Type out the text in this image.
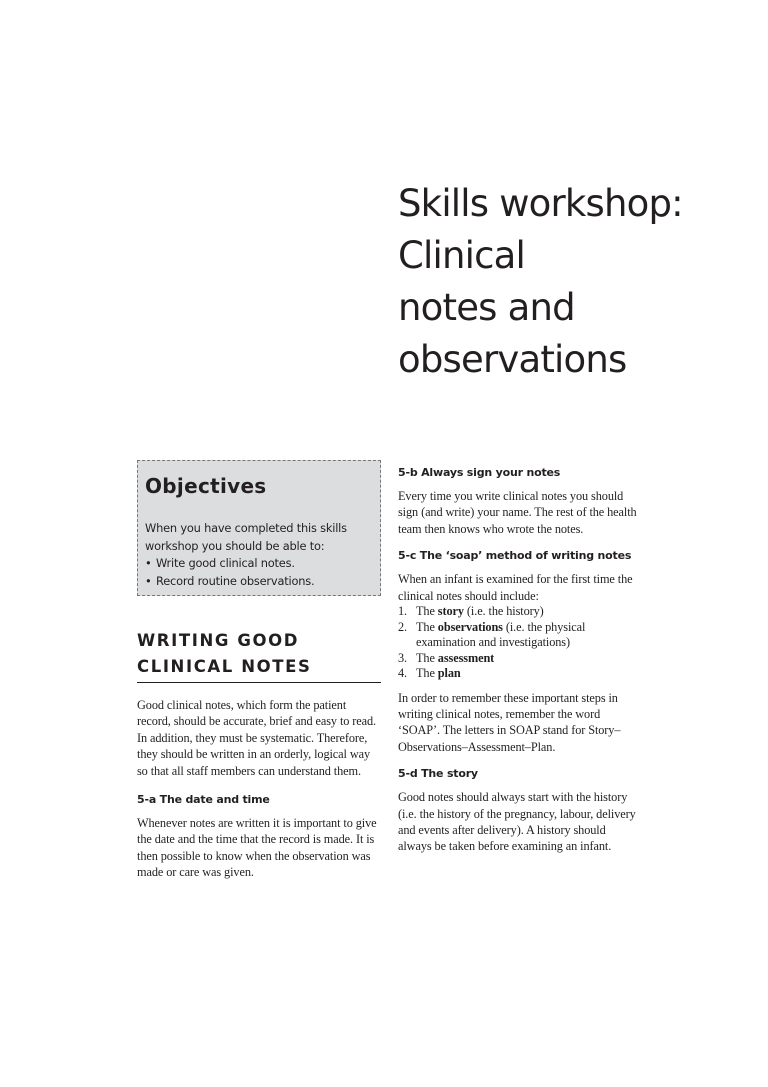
Skills workshop:
Clinical
notes and
observations

Objectives

When you have completed this skills workshop you should be able to:

• Write good clinical notes.
• Record routine observations.
WRITING GOOD
CLINICAL NOTES

Good clinical notes, which form the patient record, should be accurate, brief and easy to read. In addition, they must be systematic. Therefore, they should be written in an orderly, logical way so that all staff members can understand them.

5-a The date and time

Whenever notes are written it is important to give the date and the time that the record is made. It is then possible to know when the observation was made or care was given.

5-b Always sign your notes

Every time you write clinical notes you should sign (and write) your name. The rest of the health team then knows who wrote the notes.

5-c The ‘soap’ method of writing notes

When an infant is examined for the first time the clinical notes should include:

1. The story (i.e. the history)
2. The observations (i.e. the physical examination and investigations)
3. The assessment
4. The plan

In order to remember these important steps in writing clinical notes, remember the word ‘SOAP’. The letters in SOAP stand for Story–Observations–Assessment–Plan.

5-d The story

Good notes should always start with the history (i.e. the history of the pregnancy, labour, delivery and events after delivery). A history should always be taken before examining an infant.
